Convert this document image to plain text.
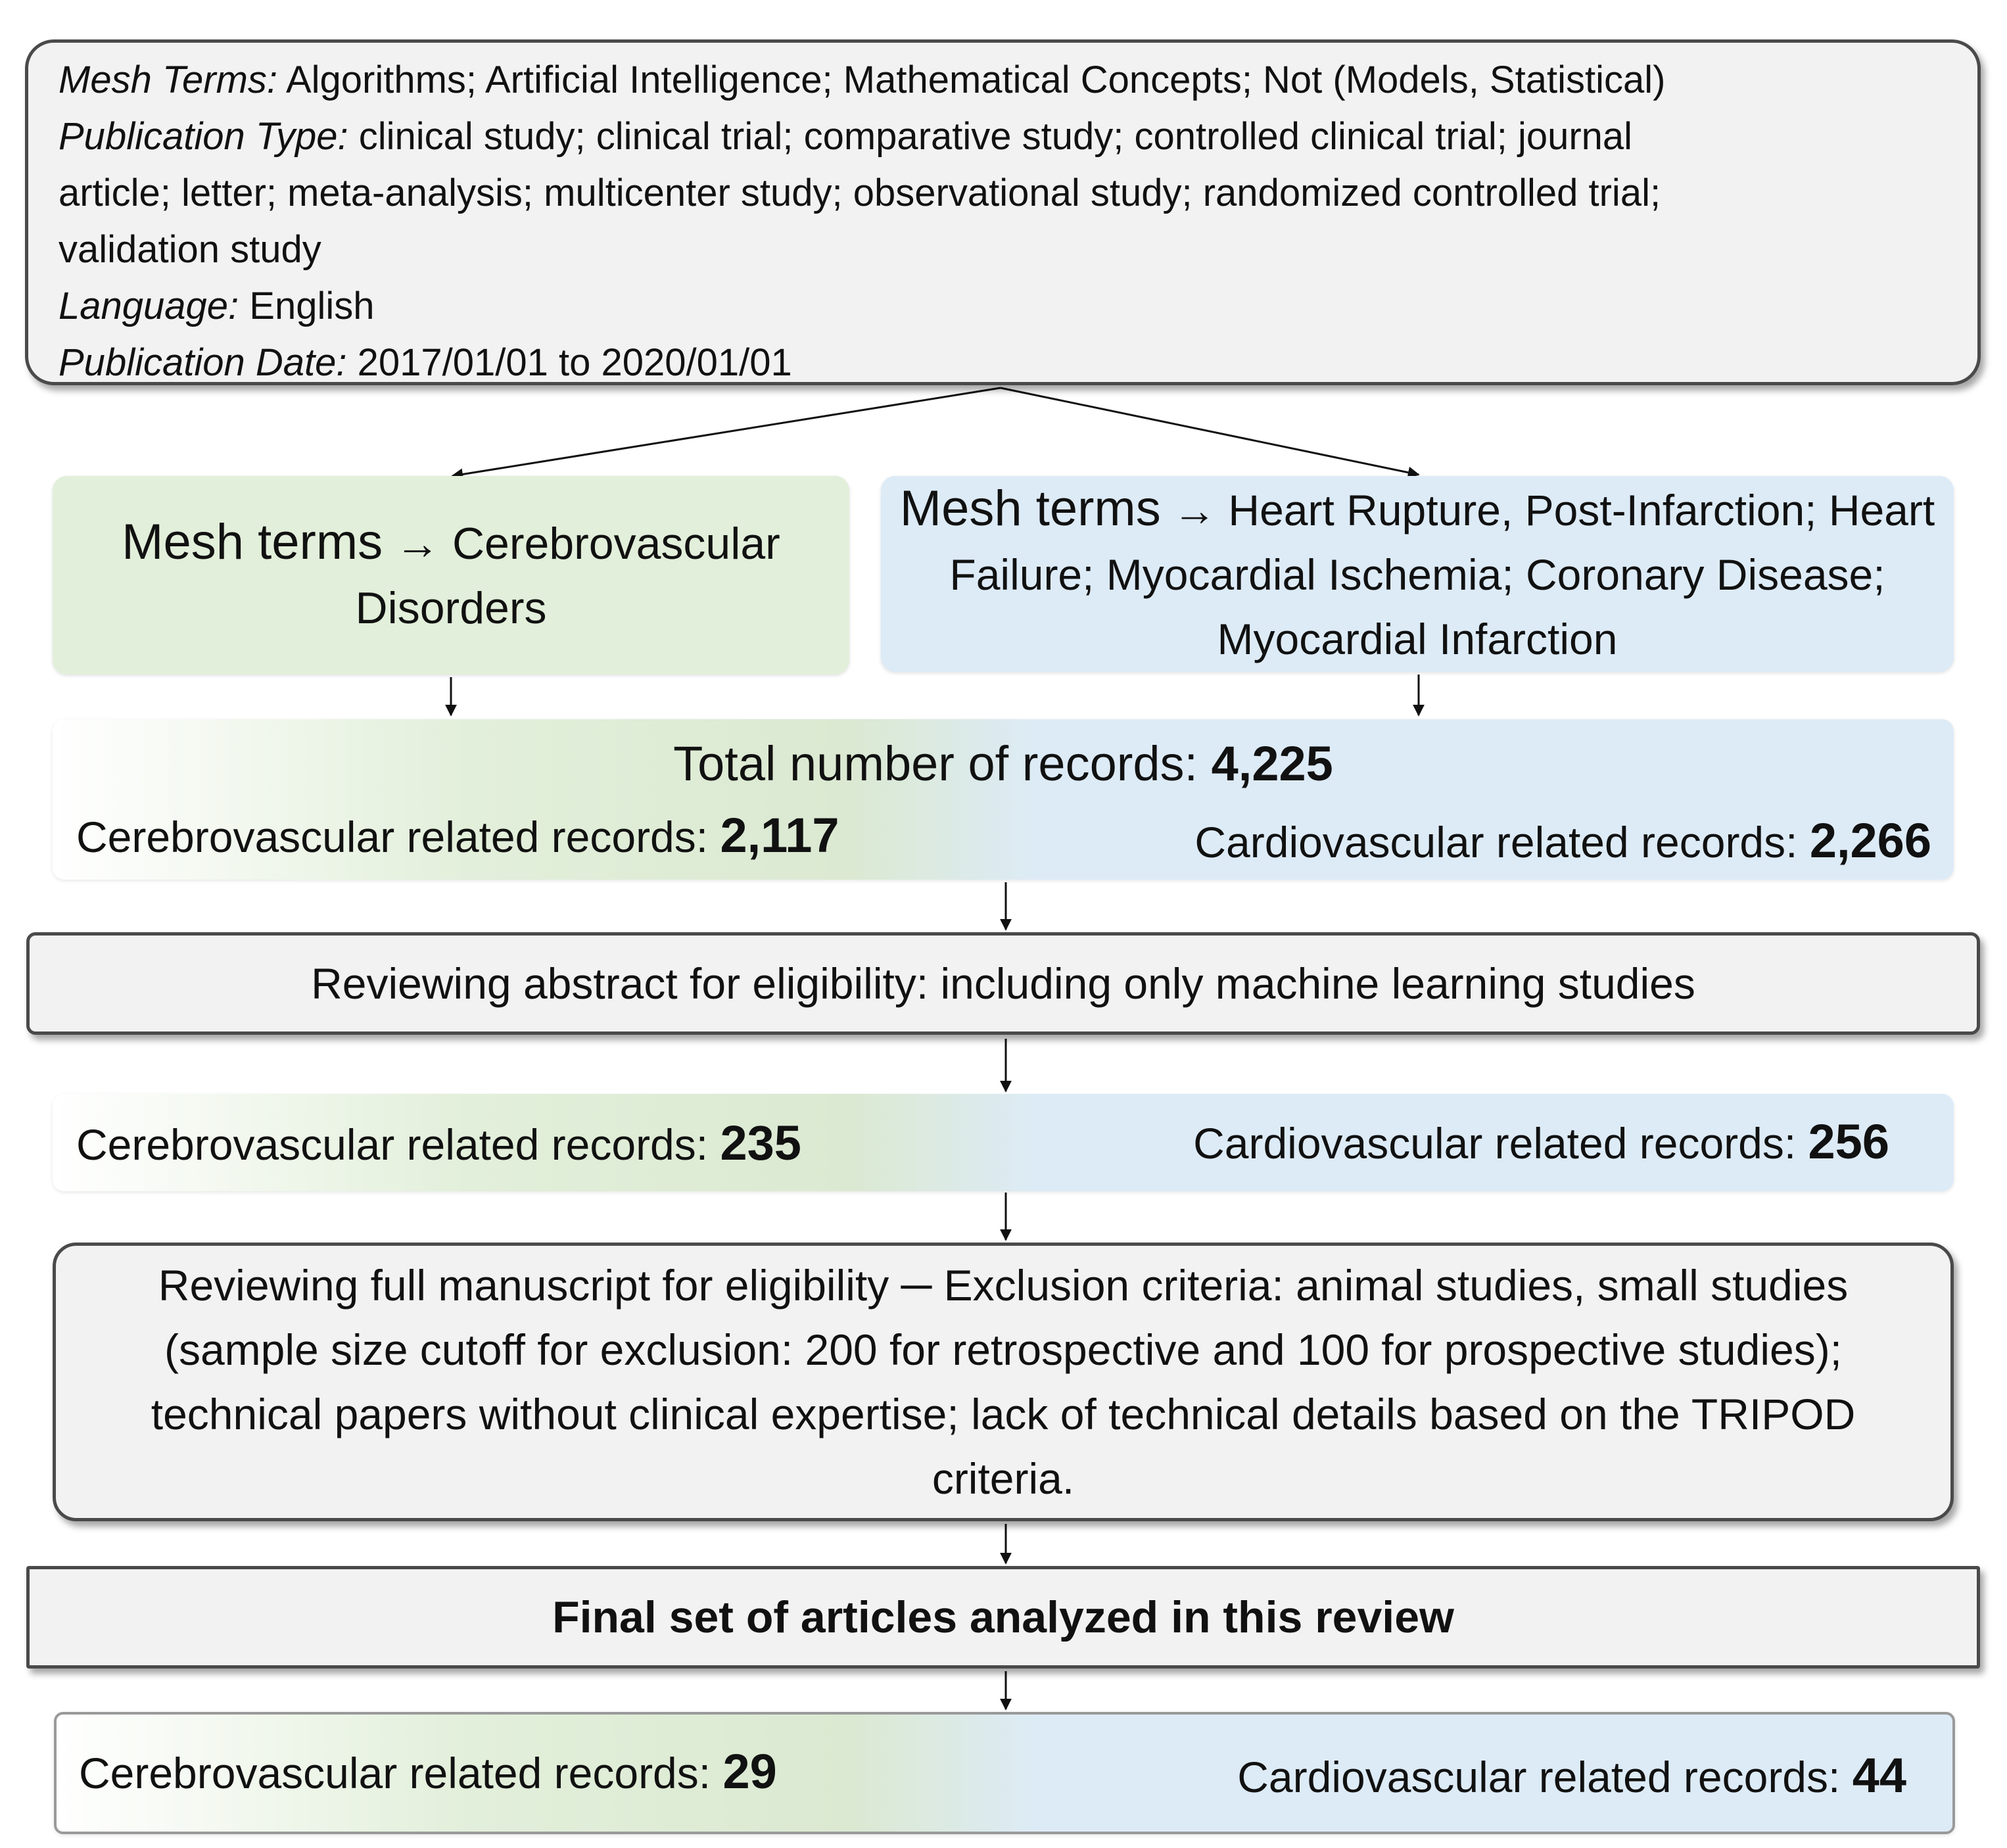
Mesh Terms: Algorithms; Artificial Intelligence; Mathematical Concepts; Not (Models, Statistical)
Publication Type: clinical study; clinical trial; comparative study; controlled clinical trial; journal
article; letter; meta-analysis; multicenter study; observational study; randomized controlled trial;
validation study
Language: English
Publication Date: 2017/01/01 to 2020/01/01
Mesh terms → Cerebrovascular Disorders
Mesh terms → Heart Rupture, Post-Infarction; Heart Failure; Myocardial Ischemia; Coronary Disease; Myocardial Infarction
Total number of records: 4,225
Cerebrovascular related records: 2,117	Cardiovascular related records: 2,266
Reviewing abstract for eligibility: including only machine learning studies
Cerebrovascular related records: 235	Cardiovascular related records: 256
Reviewing full manuscript for eligibility ─ Exclusion criteria: animal studies, small studies (sample size cutoff for exclusion: 200 for retrospective and 100 for prospective studies); technical papers without clinical expertise; lack of technical details based on the TRIPOD criteria.
Final set of articles analyzed in this review
Cerebrovascular related records: 29	Cardiovascular related records: 44
